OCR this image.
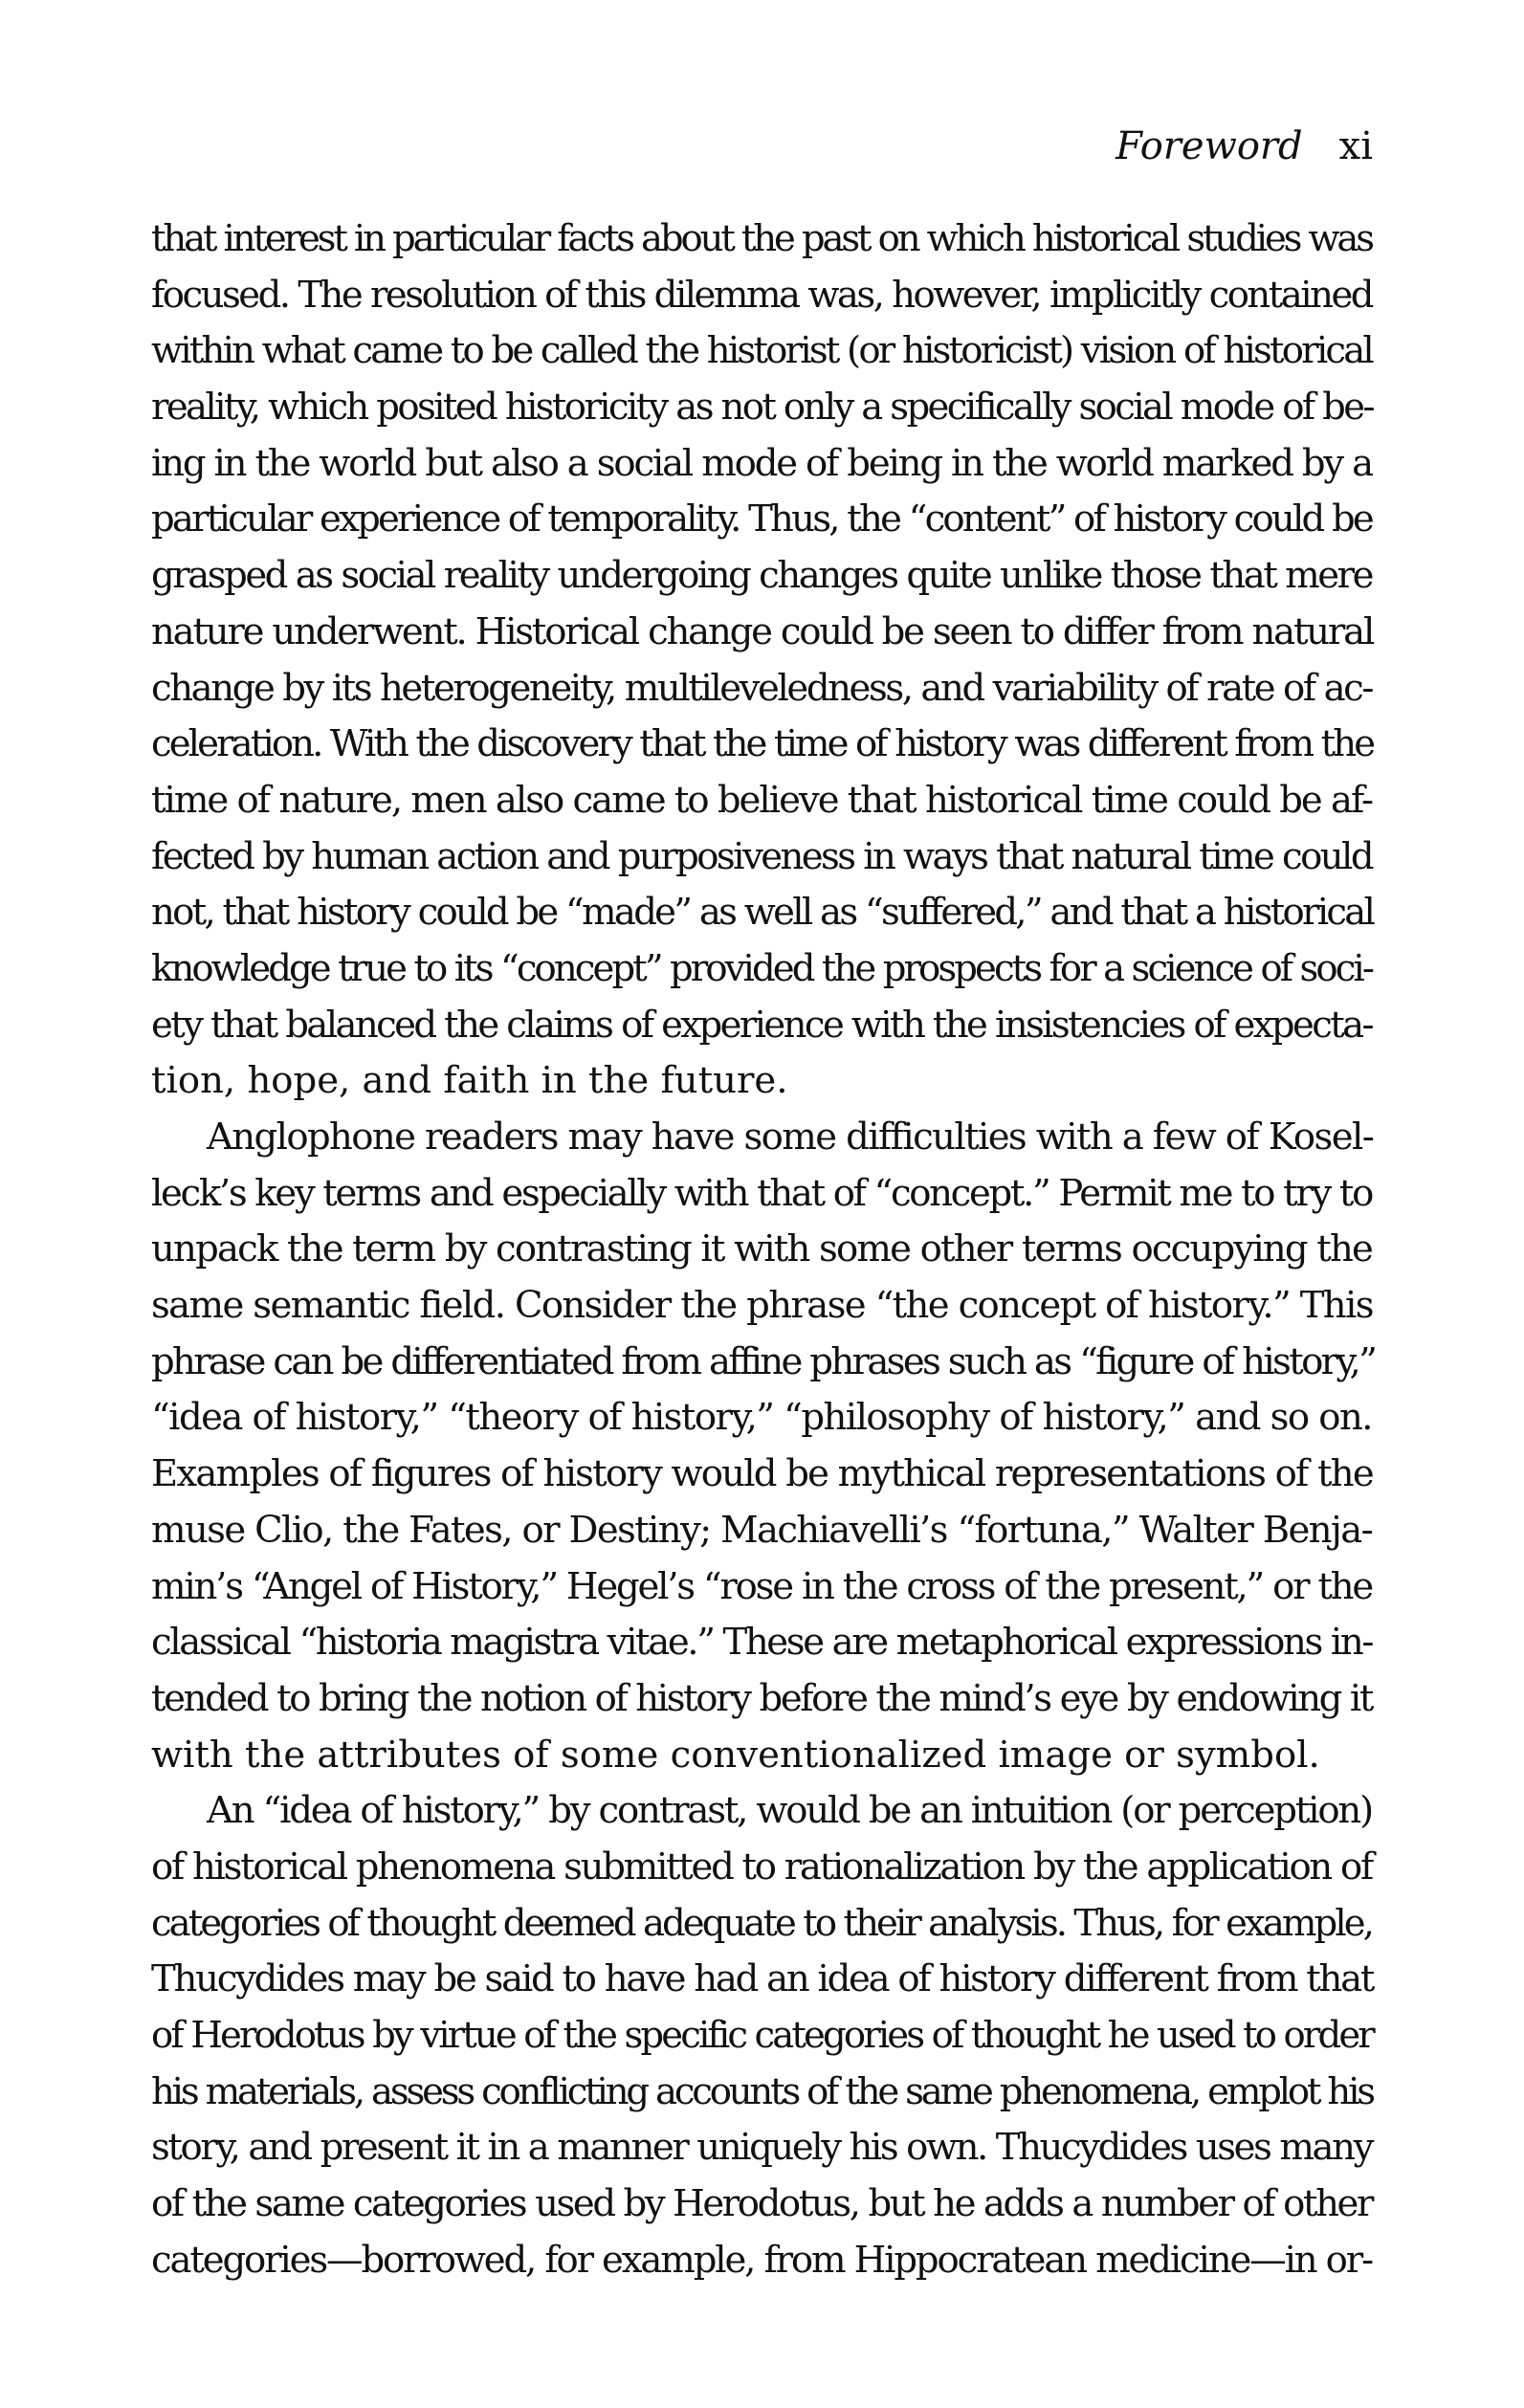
Foreword xi
that interest in particular facts about the past on which historical studies was
focused. The resolution of this dilemma was, however, implicitly contained
within what came to be called the historist (or historicist) vision of historical
reality, which posited historicity as not only a specifically social mode of be-
ing in the world but also a social mode of being in the world marked by a
particular experience of temporality. Thus, the “content” of history could be
grasped as social reality undergoing changes quite unlike those that mere
nature underwent. Historical change could be seen to differ from natural
change by its heterogeneity, multileveledness, and variability of rate of ac-
celeration. With the discovery that the time of history was different from the
time of nature, men also came to believe that historical time could be af-
fected by human action and purposiveness in ways that natural time could
not, that history could be “made” as well as “suffered,” and that a historical
knowledge true to its “concept” provided the prospects for a science of soci-
ety that balanced the claims of experience with the insistencies of expecta-
tion, hope, and faith in the future.
Anglophone readers may have some difficulties with a few of Kosel-
leck’s key terms and especially with that of “concept.” Permit me to try to
unpack the term by contrasting it with some other terms occupying the
same semantic field. Consider the phrase “the concept of history.” This
phrase can be differentiated from affine phrases such as “figure of history,”
“idea of history,” “theory of history,” “philosophy of history,” and so on.
Examples of figures of history would be mythical representations of the
muse Clio, the Fates, or Destiny; Machiavelli’s “fortuna,” Walter Benja-
min’s “Angel of History,” Hegel’s “rose in the cross of the present,” or the
classical “historia magistra vitae.” These are metaphorical expressions in-
tended to bring the notion of history before the mind’s eye by endowing it
with the attributes of some conventionalized image or symbol.
An “idea of history,” by contrast, would be an intuition (or perception)
of historical phenomena submitted to rationalization by the application of
categories of thought deemed adequate to their analysis. Thus, for example,
Thucydides may be said to have had an idea of history different from that
of Herodotus by virtue of the specific categories of thought he used to order
his materials, assess conflicting accounts of the same phenomena, emplot his
story, and present it in a manner uniquely his own. Thucydides uses many
of the same categories used by Herodotus, but he adds a number of other
categories—borrowed, for example, from Hippocratean medicine—in or-
